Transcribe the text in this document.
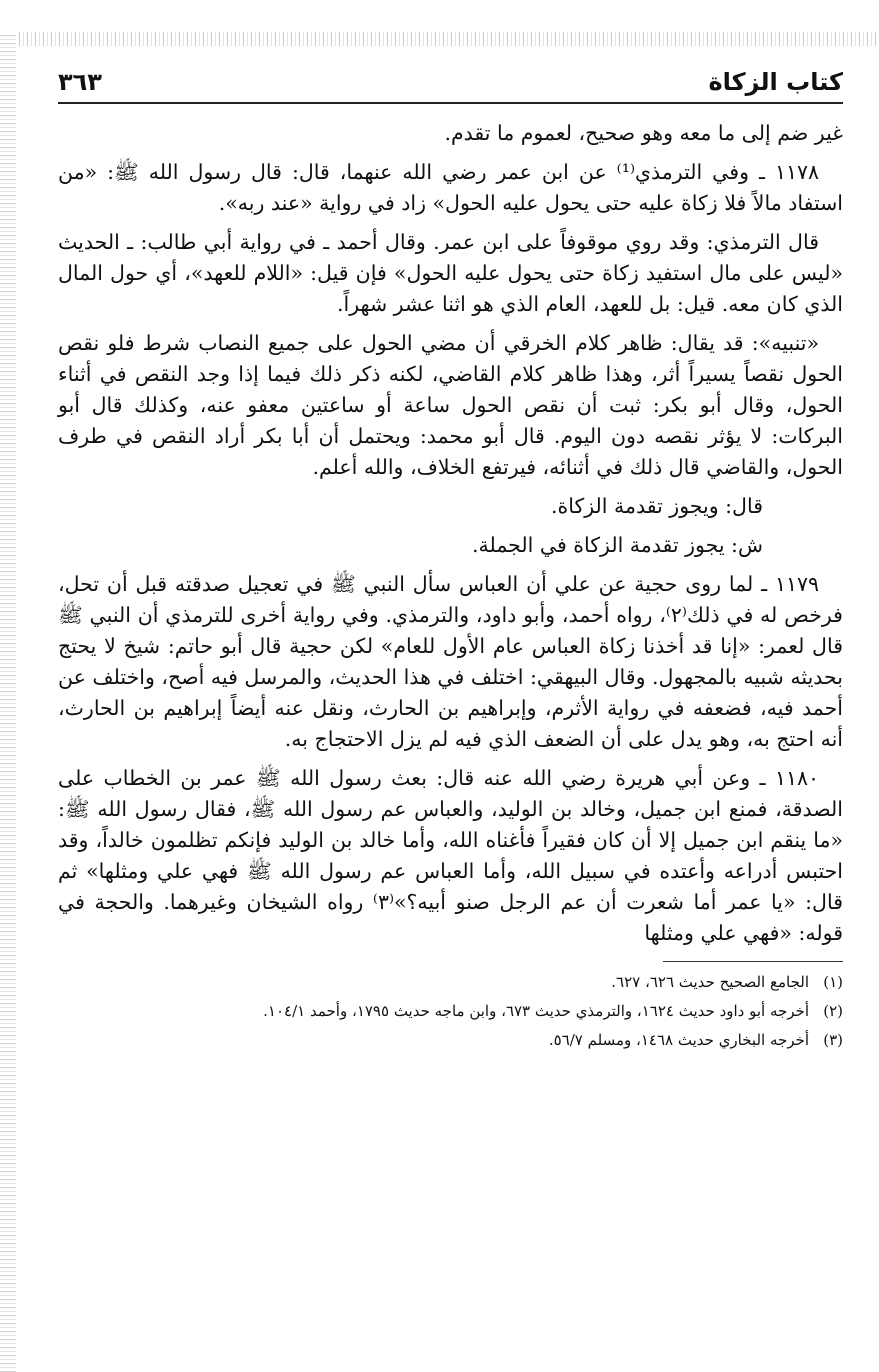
كتاب الزكاة
٣٦٣

غير ضم إلى ما معه وهو صحيح، لعموم ما تقدم.

١١٧٨ ـ وفي الترمذي⁽¹⁾ عن ابن عمر رضي الله عنهما، قال: قال رسول الله ﷺ: «من استفاد مالاً فلا زكاة عليه حتى يحول عليه الحول» زاد في رواية «عند ربه».

قال الترمذي: وقد روي موقوفاً على ابن عمر. وقال أحمد ـ في رواية أبي طالب: ـ الحديث «ليس على مال استفيد زكاة حتى يحول عليه الحول» فإن قيل: «اللام للعهد»، أي حول المال الذي كان معه. قيل: بل للعهد، العام الذي هو اثنا عشر شهراً.

«تنبيه»: قد يقال: ظاهر كلام الخرقي أن مضي الحول على جميع النصاب شرط فلو نقص الحول نقصاً يسيراً أثر، وهذا ظاهر كلام القاضي، لكنه ذكر ذلك فيما إذا وجد النقص في أثناء الحول، وقال أبو بكر: ثبت أن نقص الحول ساعة أو ساعتين معفو عنه، وكذلك قال أبو البركات: لا يؤثر نقصه دون اليوم. قال أبو محمد: ويحتمل أن أبا بكر أراد النقص في طرف الحول، والقاضي قال ذلك في أثنائه، فيرتفع الخلاف، والله أعلم.

قال: ويجوز تقدمة الزكاة.

ش: يجوز تقدمة الزكاة في الجملة.

١١٧٩ ـ لما روى حجية عن علي أن العباس سأل النبي ﷺ في تعجيل صدقته قبل أن تحل، فرخص له في ذلك⁽٢⁾، رواه أحمد، وأبو داود، والترمذي. وفي رواية أخرى للترمذي أن النبي ﷺ قال لعمر: «إنا قد أخذنا زكاة العباس عام الأول للعام» لكن حجية قال أبو حاتم: شيخ لا يحتج بحديثه شبيه بالمجهول. وقال البيهقي: اختلف في هذا الحديث، والمرسل فيه أصح، واختلف عن أحمد فيه، فضعفه في رواية الأثرم، وإبراهيم بن الحارث، ونقل عنه أيضاً إبراهيم بن الحارث، أنه احتج به، وهو يدل على أن الضعف الذي فيه لم يزل الاحتجاج به.

١١٨٠ ـ وعن أبي هريرة رضي الله عنه قال: بعث رسول الله ﷺ عمر بن الخطاب على الصدقة، فمنع ابن جميل، وخالد بن الوليد، والعباس عم رسول الله ﷺ، فقال رسول الله ﷺ: «ما ينقم ابن جميل إلا أن كان فقيراً فأغناه الله، وأما خالد بن الوليد فإنكم تظلمون خالداً، وقد احتبس أدراعه وأعتده في سبيل الله، وأما العباس عم رسول الله ﷺ فهي علي ومثلها» ثم قال: «يا عمر أما شعرت أن عم الرجل صنو أبيه؟»⁽٣⁾ رواه الشيخان وغيرهما. والحجة في قوله: «فهي علي ومثلها

(١)الجامع الصحيح حديث ٦٢٦، ٦٢٧.

(٢)أخرجه أبو داود حديث ١٦٢٤، والترمذي حديث ٦٧٣، وابن ماجه حديث ١٧٩٥، وأحمد ١٠٤/١.

(٣)أخرجه البخاري حديث ١٤٦٨، ومسلم ٥٦/٧.
